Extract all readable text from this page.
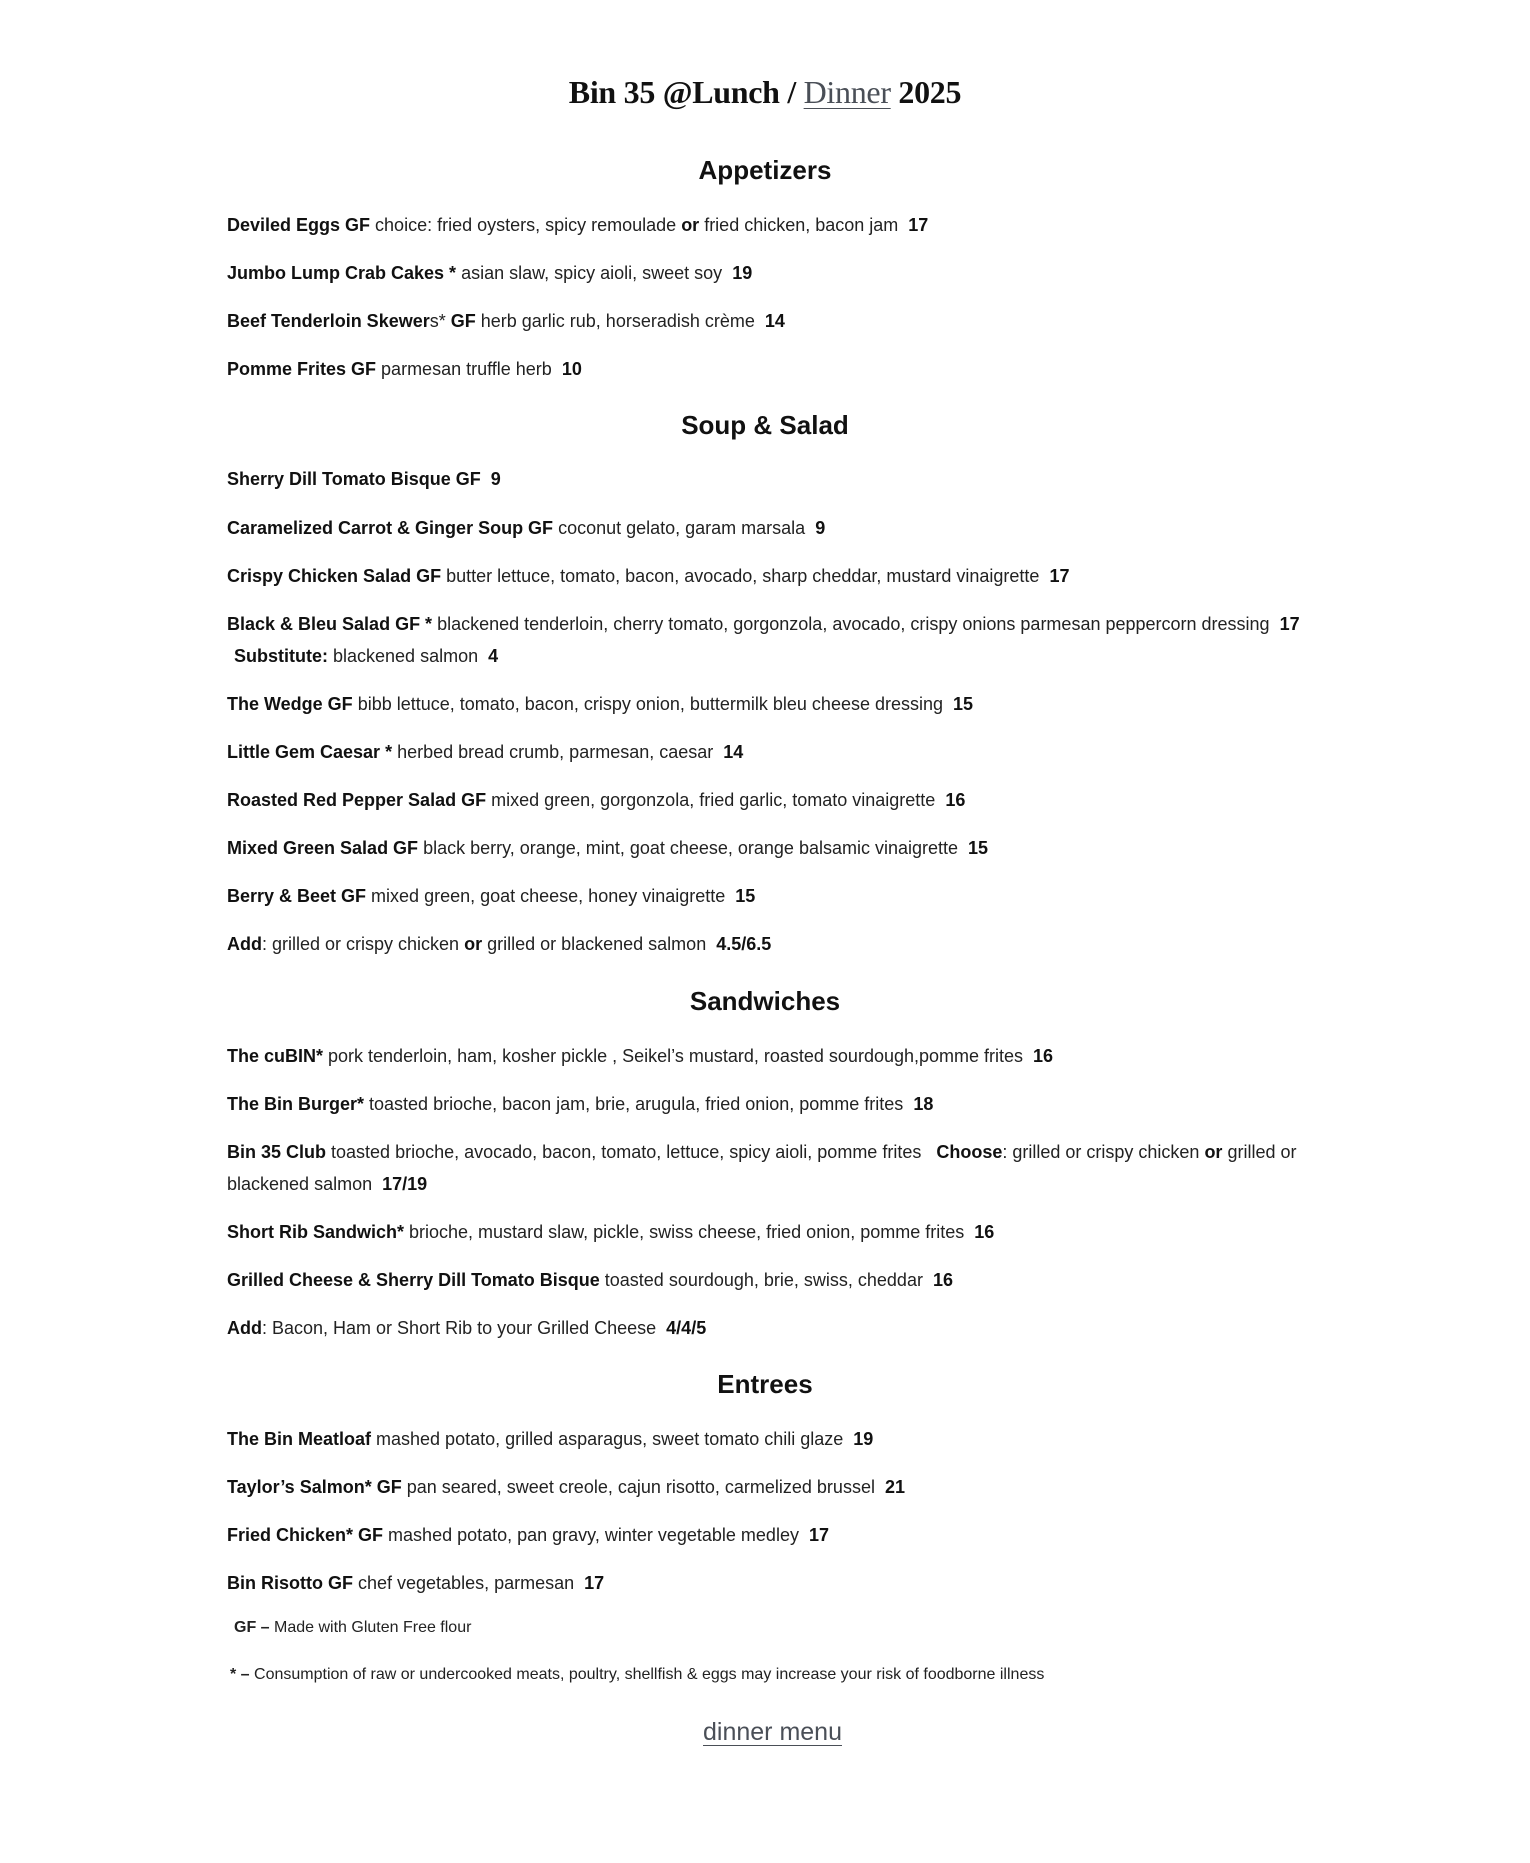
Bin 35 @Lunch / Dinner 2025
Appetizers
Deviled Eggs GF choice: fried oysters, spicy remoulade or fried chicken, bacon jam 17
Jumbo Lump Crab Cakes * asian slaw, spicy aioli, sweet soy 19
Beef Tenderloin Skewers* GF herb garlic rub, horseradish crème 14
Pomme Frites GF parmesan truffle herb 10
Soup & Salad
Sherry Dill Tomato Bisque GF 9
Caramelized Carrot & Ginger Soup GF coconut gelato, garam marsala 9
Crispy Chicken Salad GF butter lettuce, tomato, bacon, avocado, sharp cheddar, mustard vinaigrette 17
Black & Bleu Salad GF * blackened tenderloin, cherry tomato, gorgonzola, avocado, crispy onions parmesan peppercorn dressing 17
Substitute: blackened salmon 4
The Wedge GF bibb lettuce, tomato, bacon, crispy onion, buttermilk bleu cheese dressing 15
Little Gem Caesar * herbed bread crumb, parmesan, caesar 14
Roasted Red Pepper Salad GF mixed green, gorgonzola, fried garlic, tomato vinaigrette 16
Mixed Green Salad GF black berry, orange, mint, goat cheese, orange balsamic vinaigrette 15
Berry & Beet GF mixed green, goat cheese, honey vinaigrette 15
Add: grilled or crispy chicken or grilled or blackened salmon 4.5/6.5
Sandwiches
The cuBIN* pork tenderloin, ham, kosher pickle , Seikel’s mustard, roasted sourdough,pomme frites 16
The Bin Burger* toasted brioche, bacon jam, brie, arugula, fried onion, pomme frites 18
Bin 35 Club toasted brioche, avocado, bacon, tomato, lettuce, spicy aioli, pomme frites Choose: grilled or crispy chicken or grilled or blackened salmon 17/19
Short Rib Sandwich* brioche, mustard slaw, pickle, swiss cheese, fried onion, pomme frites 16
Grilled Cheese & Sherry Dill Tomato Bisque toasted sourdough, brie, swiss, cheddar 16
Add: Bacon, Ham or Short Rib to your Grilled Cheese 4/4/5
Entrees
The Bin Meatloaf mashed potato, grilled asparagus, sweet tomato chili glaze 19
Taylor’s Salmon* GF pan seared, sweet creole, cajun risotto, carmelized brussel 21
Fried Chicken* GF mashed potato, pan gravy, winter vegetable medley 17
Bin Risotto GF chef vegetables, parmesan 17
GF – Made with Gluten Free flour
* – Consumption of raw or undercooked meats, poultry, shellfish & eggs may increase your risk of foodborne illness
dinner menu
